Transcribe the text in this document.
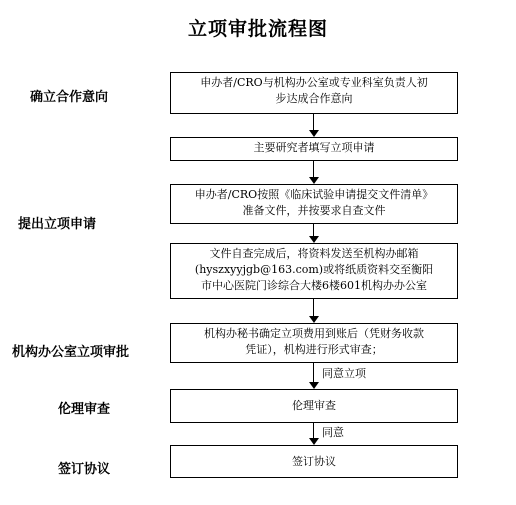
立项审批流程图
确立合作意向
提出立项申请
机构办公室立项审批
伦理审查
签订协议
申办者/CRO与机构办公室或专业科室负责人初
步达成合作意向
主要研究者填写立项申请
申办者/CRO按照《临床试验申请提交文件清单》
准备文件，并按要求自查文件
文件自查完成后，将资料发送至机构办邮箱
(hyszxyyjgb@163.com)或将纸质资料交至衡阳
市中心医院门诊综合大楼6楼601机构办办公室
机构办秘书确定立项费用到账后（凭财务收款
凭证），机构进行形式审查；
同意立项
伦理审查
同意
签订协议
